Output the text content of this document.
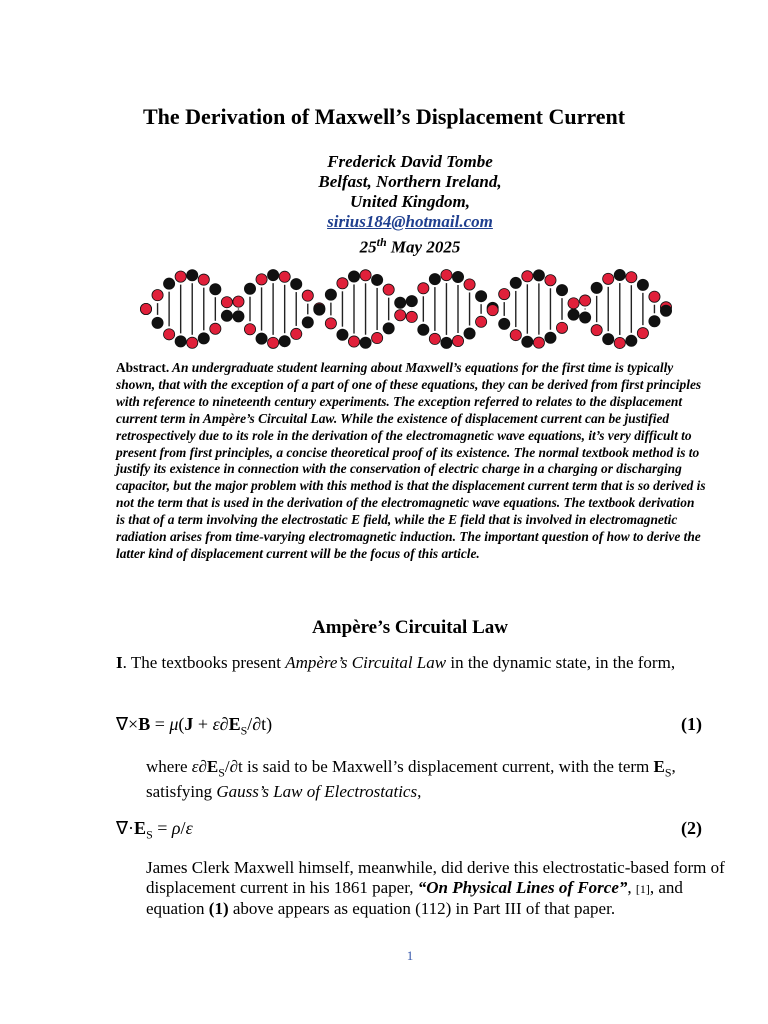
The Derivation of Maxwell’s Displacement Current
Frederick David Tombe
Belfast, Northern Ireland,
United Kingdom,
sirius184@hotmail.com
25th May 2025
Abstract. An undergraduate student learning about Maxwell’s equations for the first time is typically shown, that with the exception of a part of one of these equations, they can be derived from first principles with reference to nineteenth century experiments. The exception referred to relates to the displacement current term in Ampère’s Circuital Law. While the existence of displacement current can be justified retrospectively due to its role in the derivation of the electromagnetic wave equations, it’s very difficult to present from first principles, a concise theoretical proof of its existence. The normal textbook method is to justify its existence in connection with the conservation of electric charge in a charging or discharging capacitor, but the major problem with this method is that the displacement current term that is so derived is not the term that is used in the derivation of the electromagnetic wave equations. The textbook derivation is that of a term involving the electrostatic E field, while the E field that is involved in electromagnetic radiation arises from time-varying electromagnetic induction. The important question of how to derive the latter kind of displacement current will be the focus of this article.
Ampère’s Circuital Law
I. The textbooks present Ampère’s Circuital Law in the dynamic state, in the form,
$\nabla\times B = \mu(J + \varepsilon\partial E_S/\partial t)$	(1)
where $\varepsilon\partial E_S/\partial t$ is said to be Maxwell’s displacement current, with the term $E_S$, satisfying Gauss’s Law of Electrostatics,
$\nabla\cdot E_S = \rho/\varepsilon$	(2)
James Clerk Maxwell himself, meanwhile, did derive this electrostatic-based form of displacement current in his 1861 paper, “On Physical Lines of Force”, [1], and equation (1) above appears as equation (112) in Part III of that paper.
1
